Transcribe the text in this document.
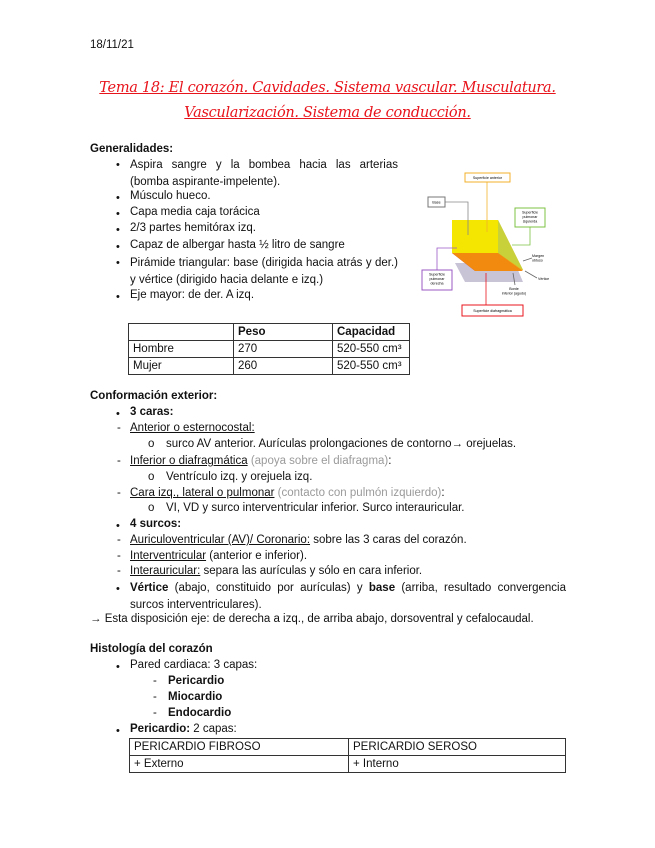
18/11/21
Tema 18: El corazón. Cavidades. Sistema vascular. Musculatura.
Vascularización. Sistema de conducción.
Generalidades:
• Aspira sangre y la bombea hacia las arterias (bomba aspirante-impelente).
• Músculo hueco.
• Capa media caja torácica
• 2/3 partes hemitórax izq.
• Capaz de albergar hasta ½ litro de sangre
• Pirámide triangular: base (dirigida hacia atrás y der.) y vértice (dirigido hacia delante e izq.)
• Eje mayor: de der. A izq.
	Peso	Capacidad
Hombre	270	520-550 cm³
Mujer	260	520-550 cm³
Superficie anterior
Base
Superficie
pulmonar
izquierda
Superficie
pulmonar
derecha
Margen
obtuso
Vértice
Borde
inferior (agudo)
Superficie diafragmática
Conformación exterior:
• 3 caras:
- Anterior o esternocostal:
o surco AV anterior. Aurículas prolongaciones de contorno→ orejuelas.
- Inferior o diafragmática (apoya sobre el diafragma):
o Ventrículo izq. y orejuela izq.
- Cara izq., lateral o pulmonar (contacto con pulmón izquierdo):
o VI, VD y surco interventricular inferior. Surco interauricular.
• 4 surcos:
- Auriculoventricular (AV)/ Coronario: sobre las 3 caras del corazón.
- Interventricular (anterior e inferior).
- Interauricular: separa las aurículas y sólo en cara inferior.
• Vértice (abajo, constituido por aurículas) y base (arriba, resultado convergencia surcos interventriculares).
→ Esta disposición eje: de derecha a izq., de arriba abajo, dorsoventral y cefalocaudal.
Histología del corazón
• Pared cardiaca: 3 capas:
- Pericardio
- Miocardio
- Endocardio
• Pericardio: 2 capas:
PERICARDIO FIBROSO	PERICARDIO SEROSO
+ Externo	+ Interno
